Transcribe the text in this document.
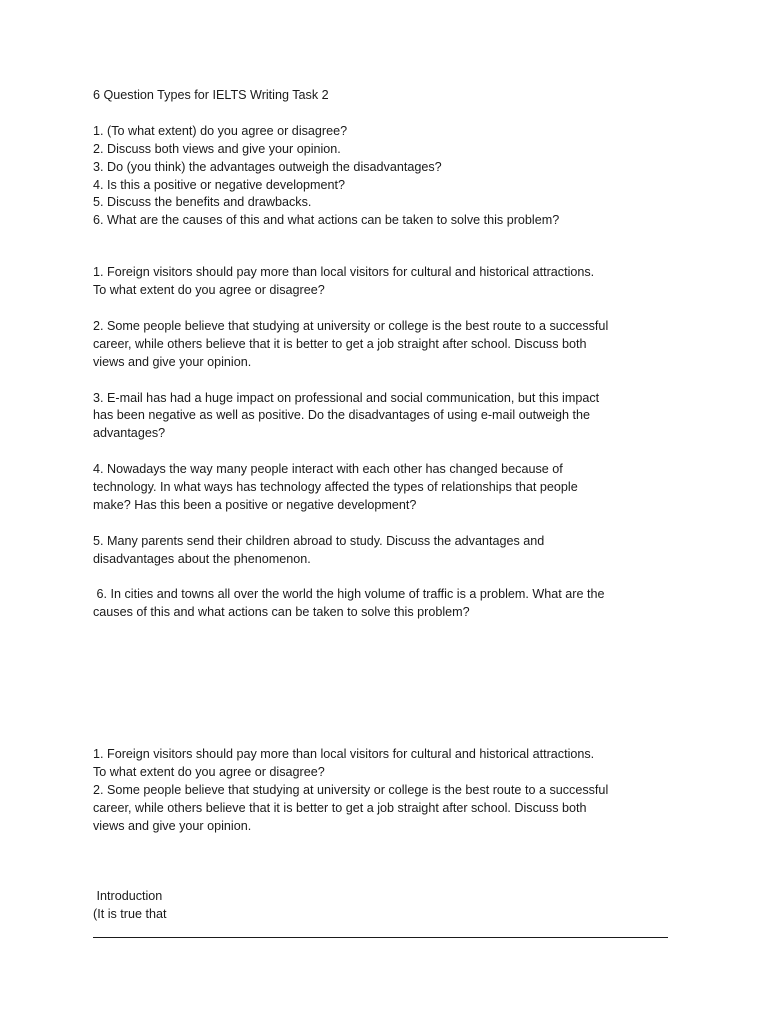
6 Question Types for IELTS Writing Task 2

1. (To what extent) do you agree or disagree?

2. Discuss both views and give your opinion.

3. Do (you think) the advantages outweigh the disadvantages?

4. Is this a positive or negative development?

5. Discuss the benefits and drawbacks.

6. What are the causes of this and what actions can be taken to solve this problem?

1. Foreign visitors should pay more than local visitors for cultural and historical attractions.

To what extent do you agree or disagree?

2. Some people believe that studying at university or college is the best route to a successful

career, while others believe that it is better to get a job straight after school. Discuss both

views and give your opinion.

3. E-mail has had a huge impact on professional and social communication, but this impact

has been negative as well as positive. Do the disadvantages of using e-mail outweigh the

advantages?

4. Nowadays the way many people interact with each other has changed because of

technology. In what ways has technology affected the types of relationships that people

make? Has this been a positive or negative development?

5. Many parents send their children abroad to study. Discuss the advantages and

disadvantages about the phenomenon.

6. In cities and towns all over the world the high volume of traffic is a problem. What are the

causes of this and what actions can be taken to solve this problem?

1. Foreign visitors should pay more than local visitors for cultural and historical attractions.

To what extent do you agree or disagree?

2. Some people believe that studying at university or college is the best route to a successful

career, while others believe that it is better to get a job straight after school. Discuss both

views and give your opinion.

Introduction

(It is true that
